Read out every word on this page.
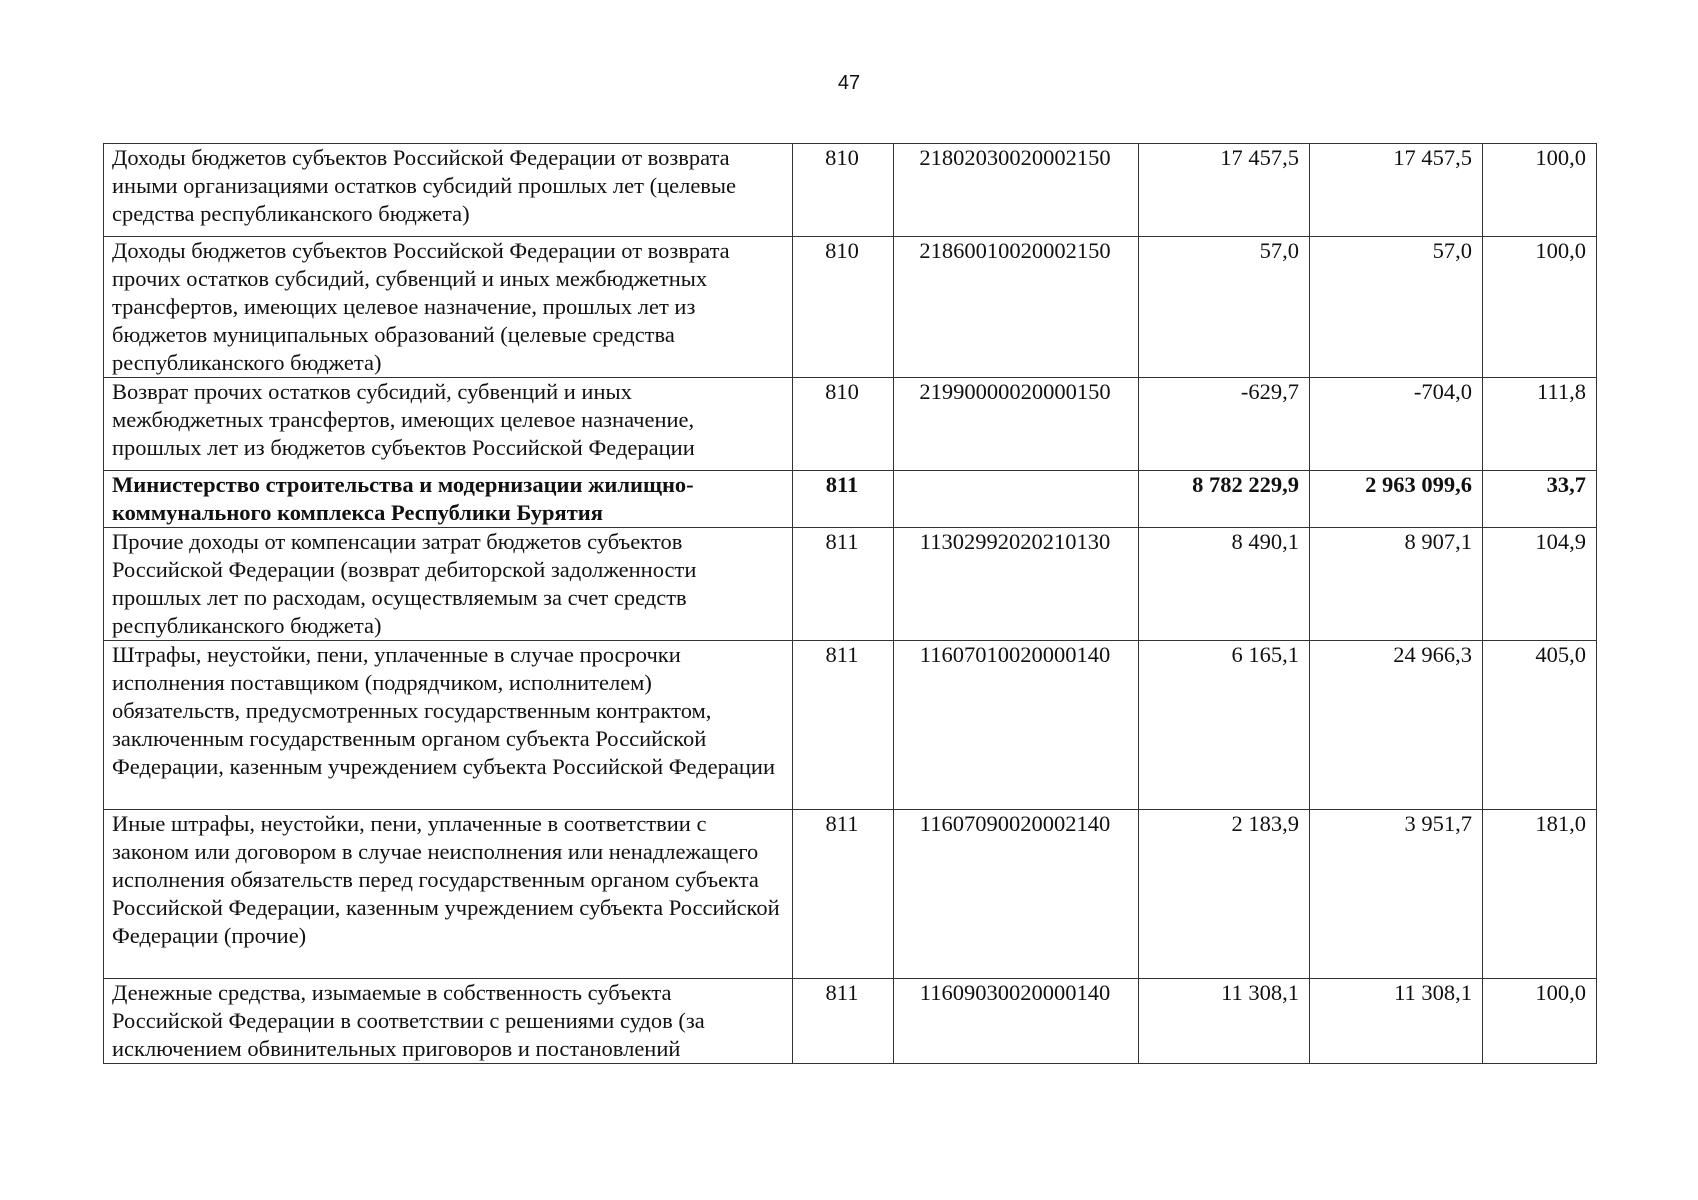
47
Доходы бюджетов субъектов Российской Федерации от возврата иными организациями остатков субсидий прошлых лет (целевые средства республиканского бюджета)	810	21802030020002150	17 457,5	17 457,5	100,0
Доходы бюджетов субъектов Российской Федерации от возврата прочих остатков субсидий, субвенций и иных межбюджетных трансфертов, имеющих целевое назначение, прошлых лет из бюджетов муниципальных образований (целевые средства республиканского бюджета)	810	21860010020002150	57,0	57,0	100,0
Возврат прочих остатков субсидий, субвенций и иных межбюджетных трансфертов, имеющих целевое назначение, прошлых лет из бюджетов субъектов Российской Федерации	810	21990000020000150	-629,7	-704,0	111,8
Министерство строительства и модернизации жилищно-коммунального комплекса Республики Бурятия	811		8 782 229,9	2 963 099,6	33,7
Прочие доходы от компенсации затрат бюджетов субъектов Российской Федерации (возврат дебиторской задолженности прошлых лет по расходам, осуществляемым за счет средств республиканского бюджета)	811	11302992020210130	8 490,1	8 907,1	104,9
Штрафы, неустойки, пени, уплаченные в случае просрочки исполнения поставщиком (подрядчиком, исполнителем) обязательств, предусмотренных государственным контрактом, заключенным государственным органом субъекта Российской Федерации, казенным учреждением субъекта Российской Федерации	811	11607010020000140	6 165,1	24 966,3	405,0
Иные штрафы, неустойки, пени, уплаченные в соответствии с законом или договором в случае неисполнения или ненадлежащего исполнения обязательств перед государственным органом субъекта Российской Федерации, казенным учреждением субъекта Российской Федерации (прочие)	811	11607090020002140	2 183,9	3 951,7	181,0
Денежные средства, изымаемые в собственность субъекта Российской Федерации в соответствии с решениями судов (за исключением обвинительных приговоров и постановлений	811	11609030020000140	11 308,1	11 308,1	100,0
